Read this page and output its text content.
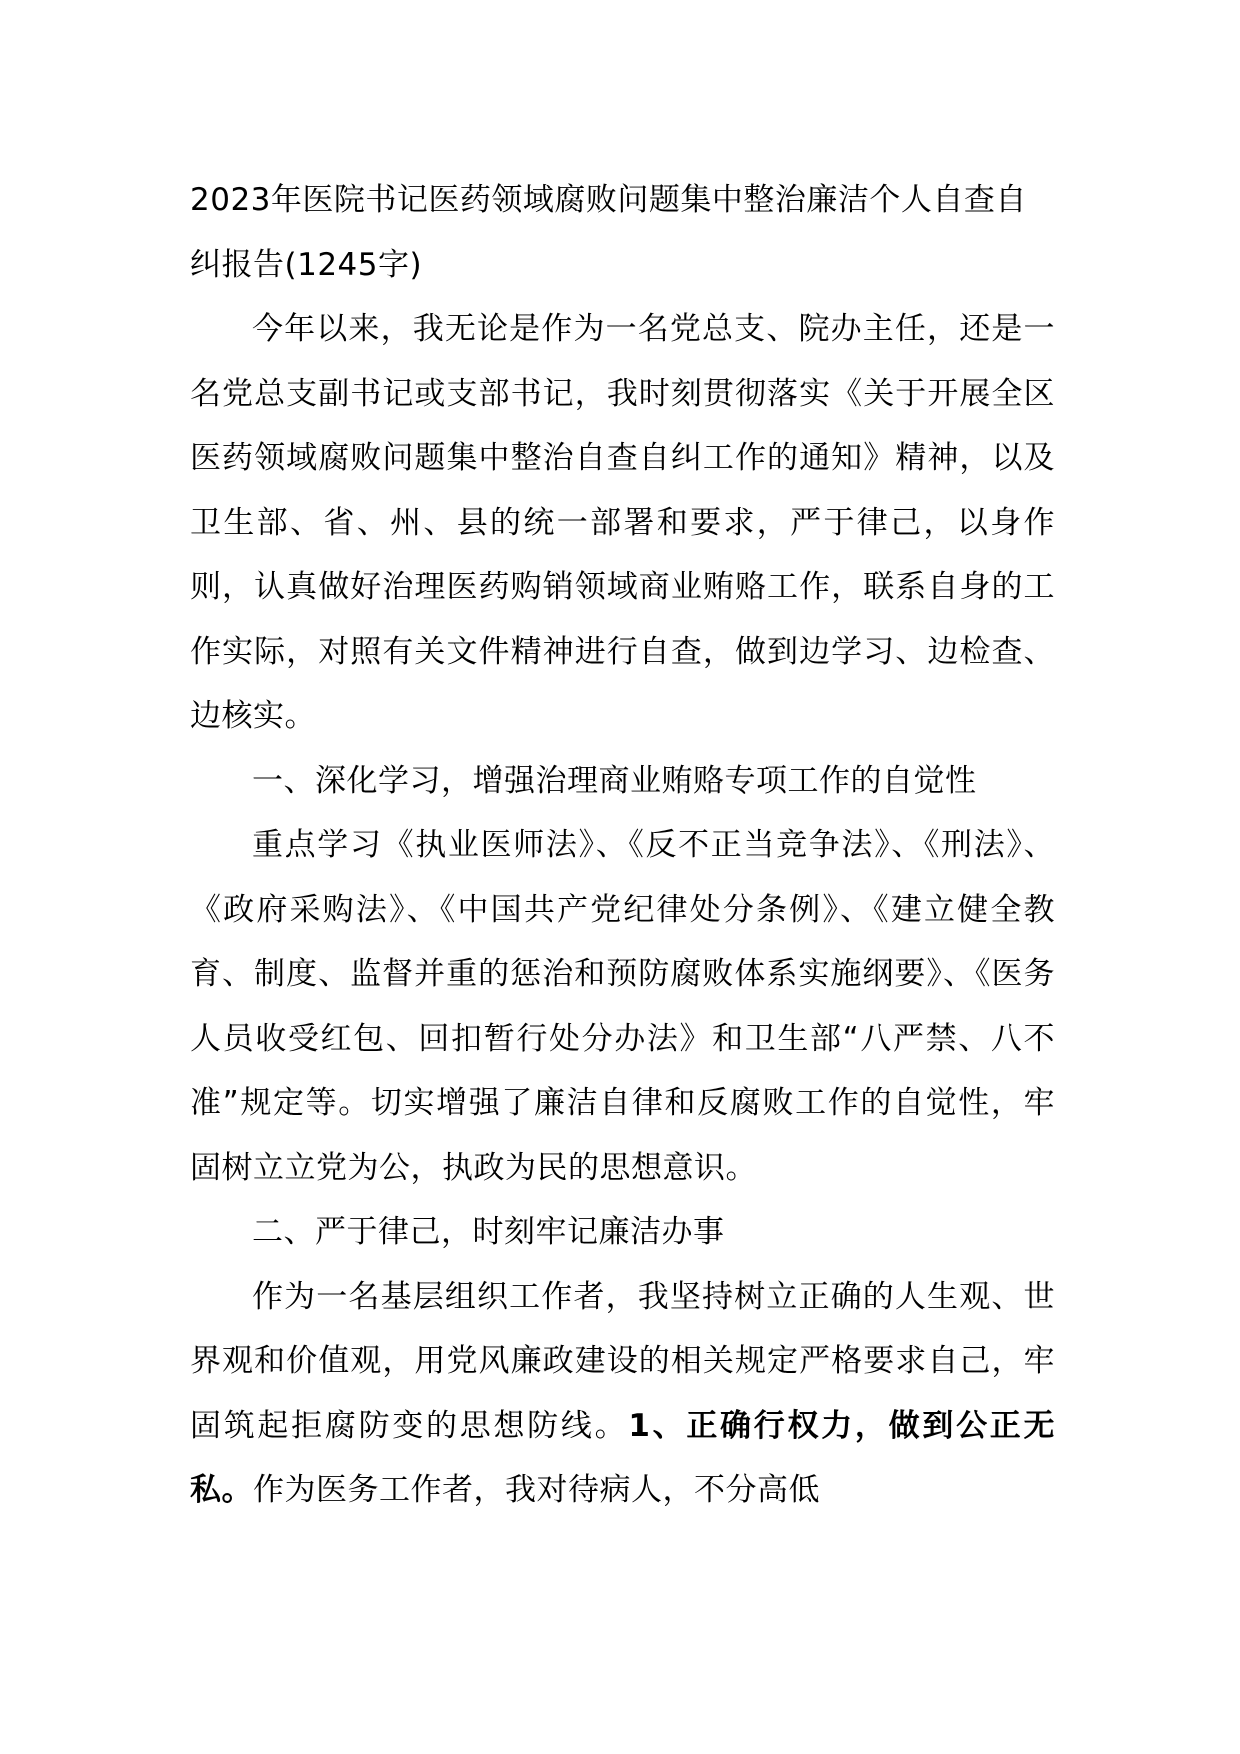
2023年医院书记医药领域腐败问题集中整治廉洁个人自查自纠报告(1245字)

今年以来，我无论是作为一名党总支、院办主任，还是一名党总支副书记或支部书记，我时刻贯彻落实《关于开展全区医药领域腐败问题集中整治自查自纠工作的通知》精神，以及卫生部、省、州、县的统一部署和要求，严于律己，以身作则，认真做好治理医药购销领域商业贿赂工作，联系自身的工作实际，对照有关文件精神进行自查，做到边学习、边检查、边核实。

一、深化学习，增强治理商业贿赂专项工作的自觉性

重点学习《执业医师法》、《反不正当竞争法》、《刑法》、《政府采购法》、《中国共产党纪律处分条例》、《建立健全教育、制度、监督并重的惩治和预防腐败体系实施纲要》、《医务人员收受红包、回扣暂行处分办法》和卫生部“八严禁、八不准”规定等。切实增强了廉洁自律和反腐败工作的自觉性，牢固树立立党为公，执政为民的思想意识。

二、严于律己，时刻牢记廉洁办事

作为一名基层组织工作者，我坚持树立正确的人生观、世界观和价值观，用党风廉政建设的相关规定严格要求自己，牢固筑起拒腐防变的思想防线。1、正确行权力，做到公正无私。作为医务工作者，我对待病人，不分高低
